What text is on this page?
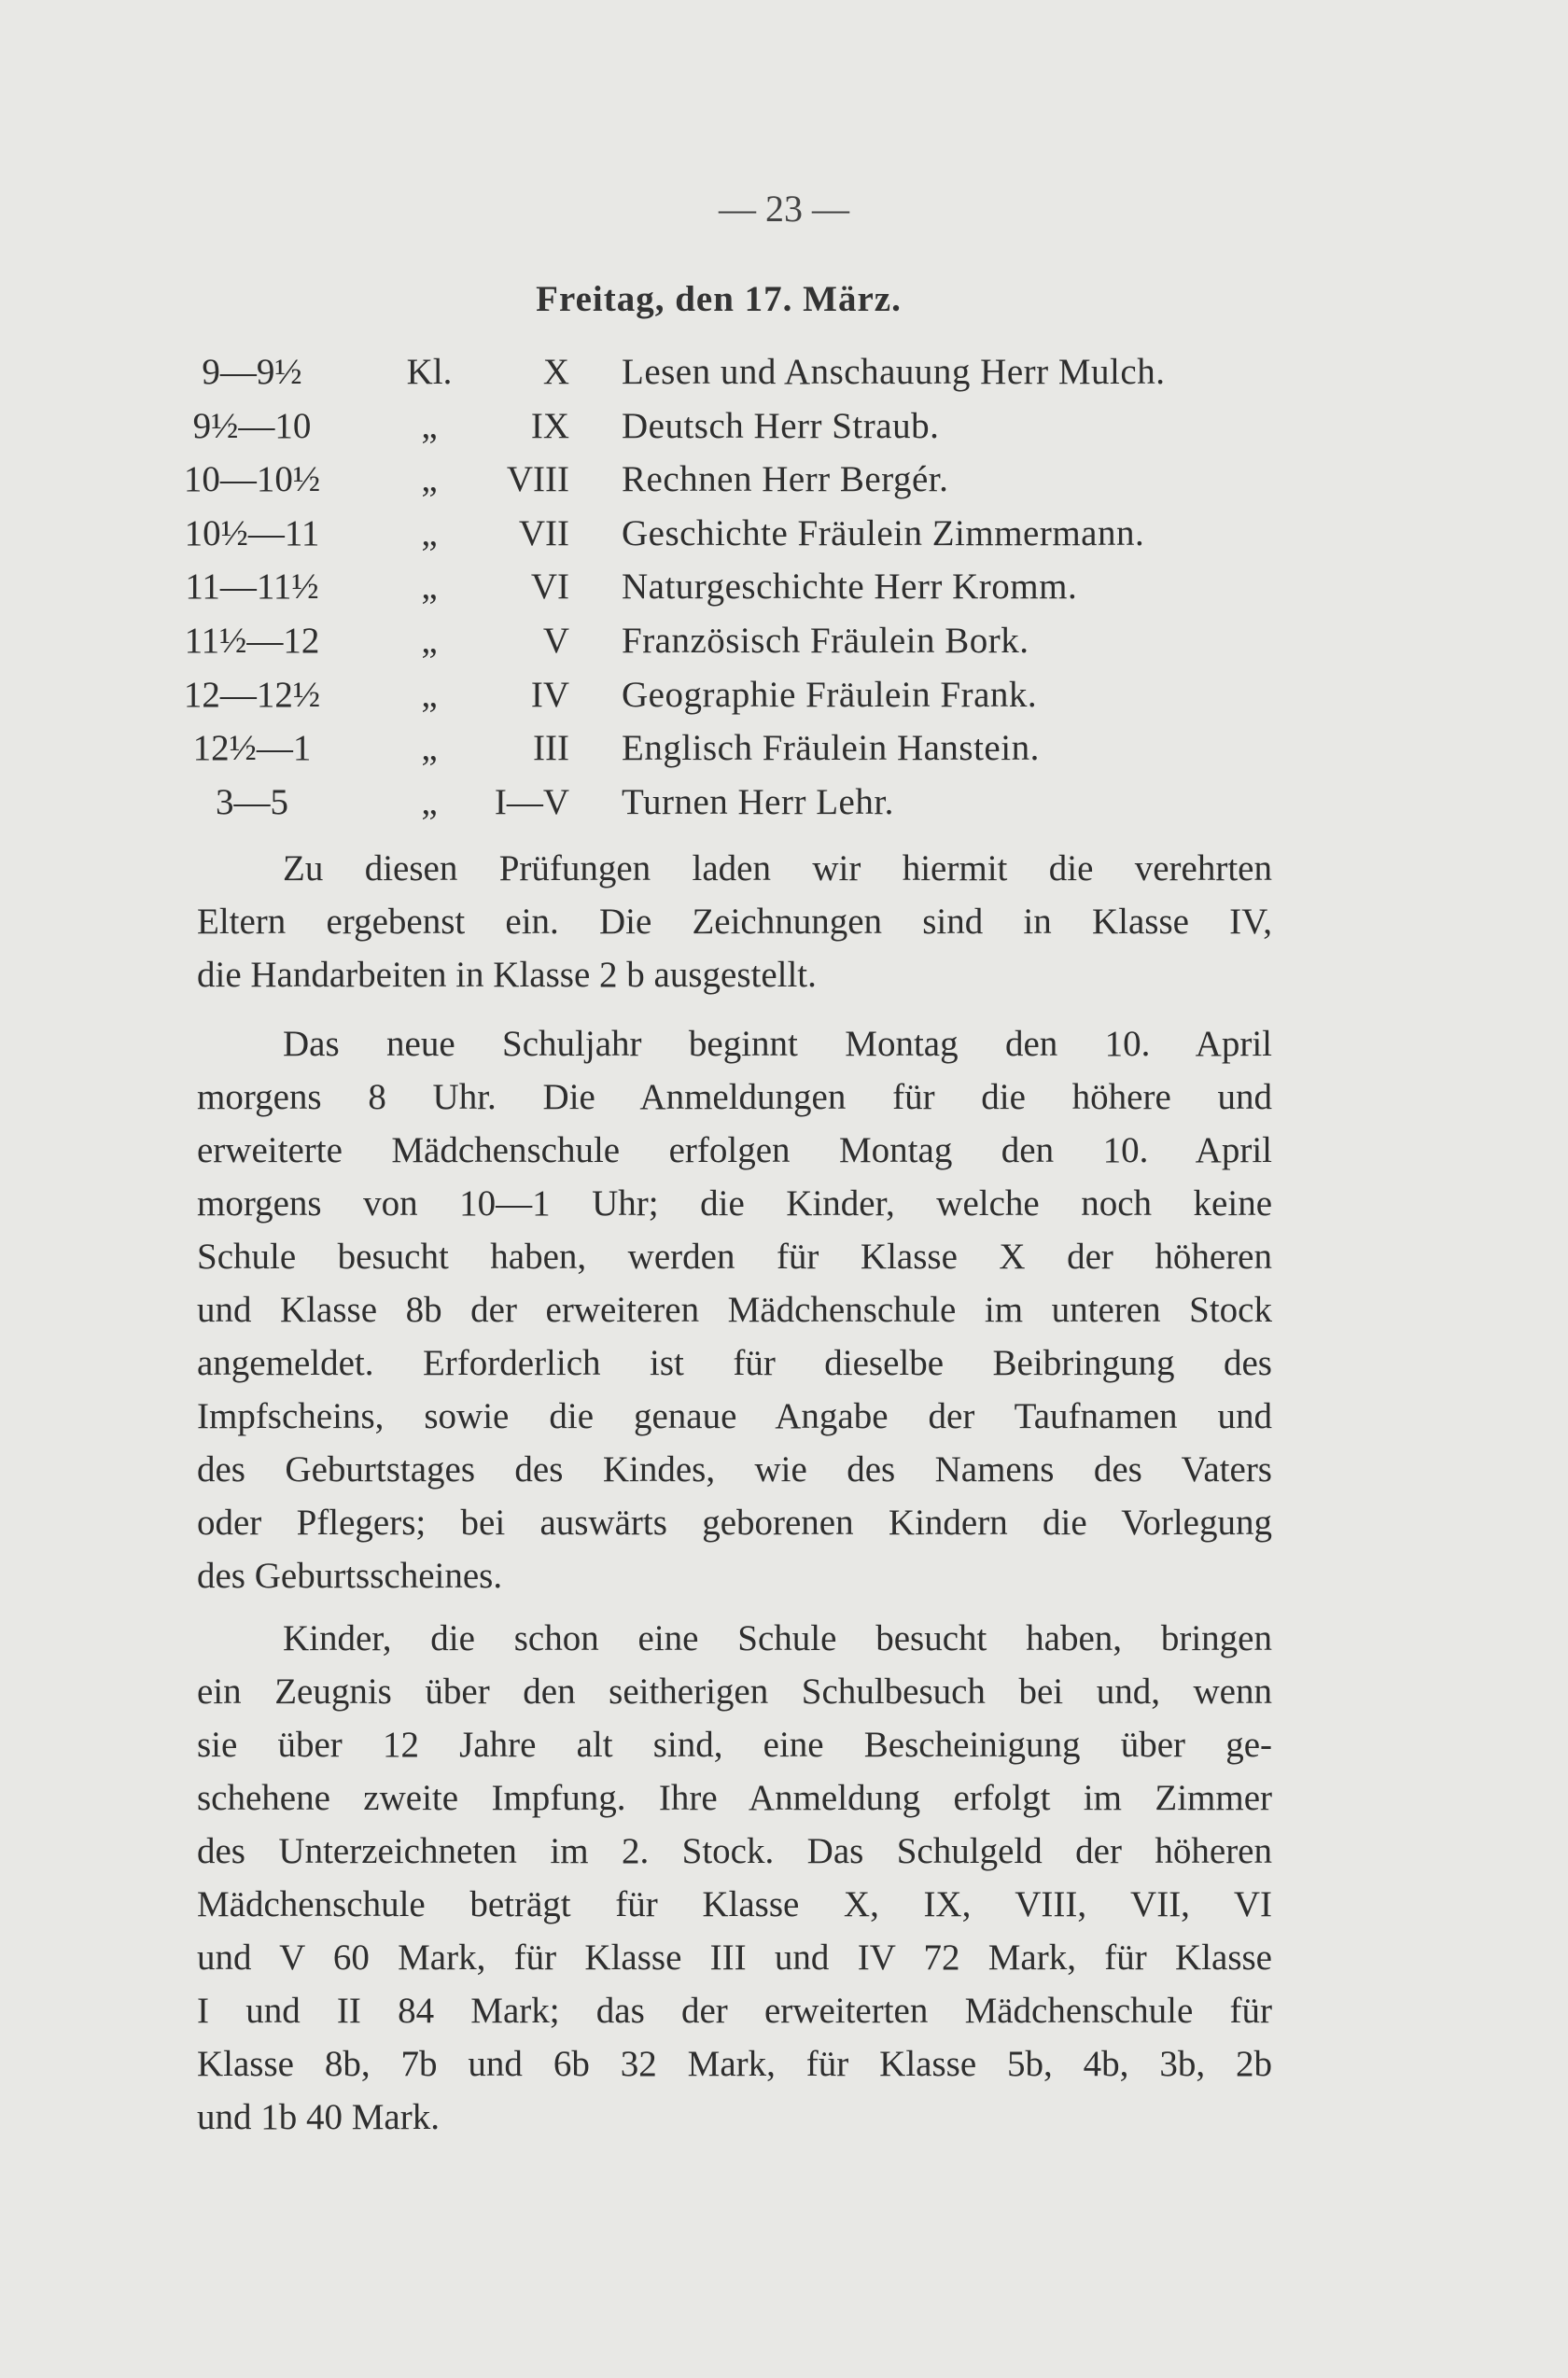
— 23 —
Freitag, den 17. März.
9—9½	Kl.	X Lesen und Anschauung Herr Mulch.
9½—10	„	IX Deutsch Herr Straub.
10—10½	„	VIII Rechnen Herr Bergér.
10½—11	„	VII Geschichte Fräulein Zimmermann.
11—11½	„	VI Naturgeschichte Herr Kromm.
11½—12	„	V Französisch Fräulein Bork.
12—12½	„	IV Geographie Fräulein Frank.
12½—1	„	III Englisch Fräulein Hanstein.
3—5	„	I—V Turnen Herr Lehr.
Zu diesen Prüfungen laden wir hiermit die verehrten
Eltern ergebenst ein. Die Zeichnungen sind in Klasse IV,
die Handarbeiten in Klasse 2 b ausgestellt.
Das neue Schuljahr beginnt Montag den 10. April
morgens 8 Uhr. Die Anmeldungen für die höhere und
erweiterte Mädchenschule erfolgen Montag den 10. April
morgens von 10—1 Uhr; die Kinder, welche noch keine
Schule besucht haben, werden für Klasse X der höheren
und Klasse 8b der erweiteren Mädchenschule im unteren Stock
angemeldet. Erforderlich ist für dieselbe Beibringung des
Impfscheins, sowie die genaue Angabe der Taufnamen und
des Geburtstages des Kindes, wie des Namens des Vaters
oder Pflegers; bei auswärts geborenen Kindern die Vorlegung
des Geburtsscheines.
Kinder, die schon eine Schule besucht haben, bringen
ein Zeugnis über den seitherigen Schulbesuch bei und, wenn
sie über 12 Jahre alt sind, eine Bescheinigung über ge-
schehene zweite Impfung. Ihre Anmeldung erfolgt im Zimmer
des Unterzeichneten im 2. Stock. Das Schulgeld der höheren
Mädchenschule beträgt für Klasse X, IX, VIII, VII, VI
und V 60 Mark, für Klasse III und IV 72 Mark, für Klasse
I und II 84 Mark; das der erweiterten Mädchenschule für
Klasse 8b, 7b und 6b 32 Mark, für Klasse 5b, 4b, 3b, 2b
und 1b 40 Mark.
